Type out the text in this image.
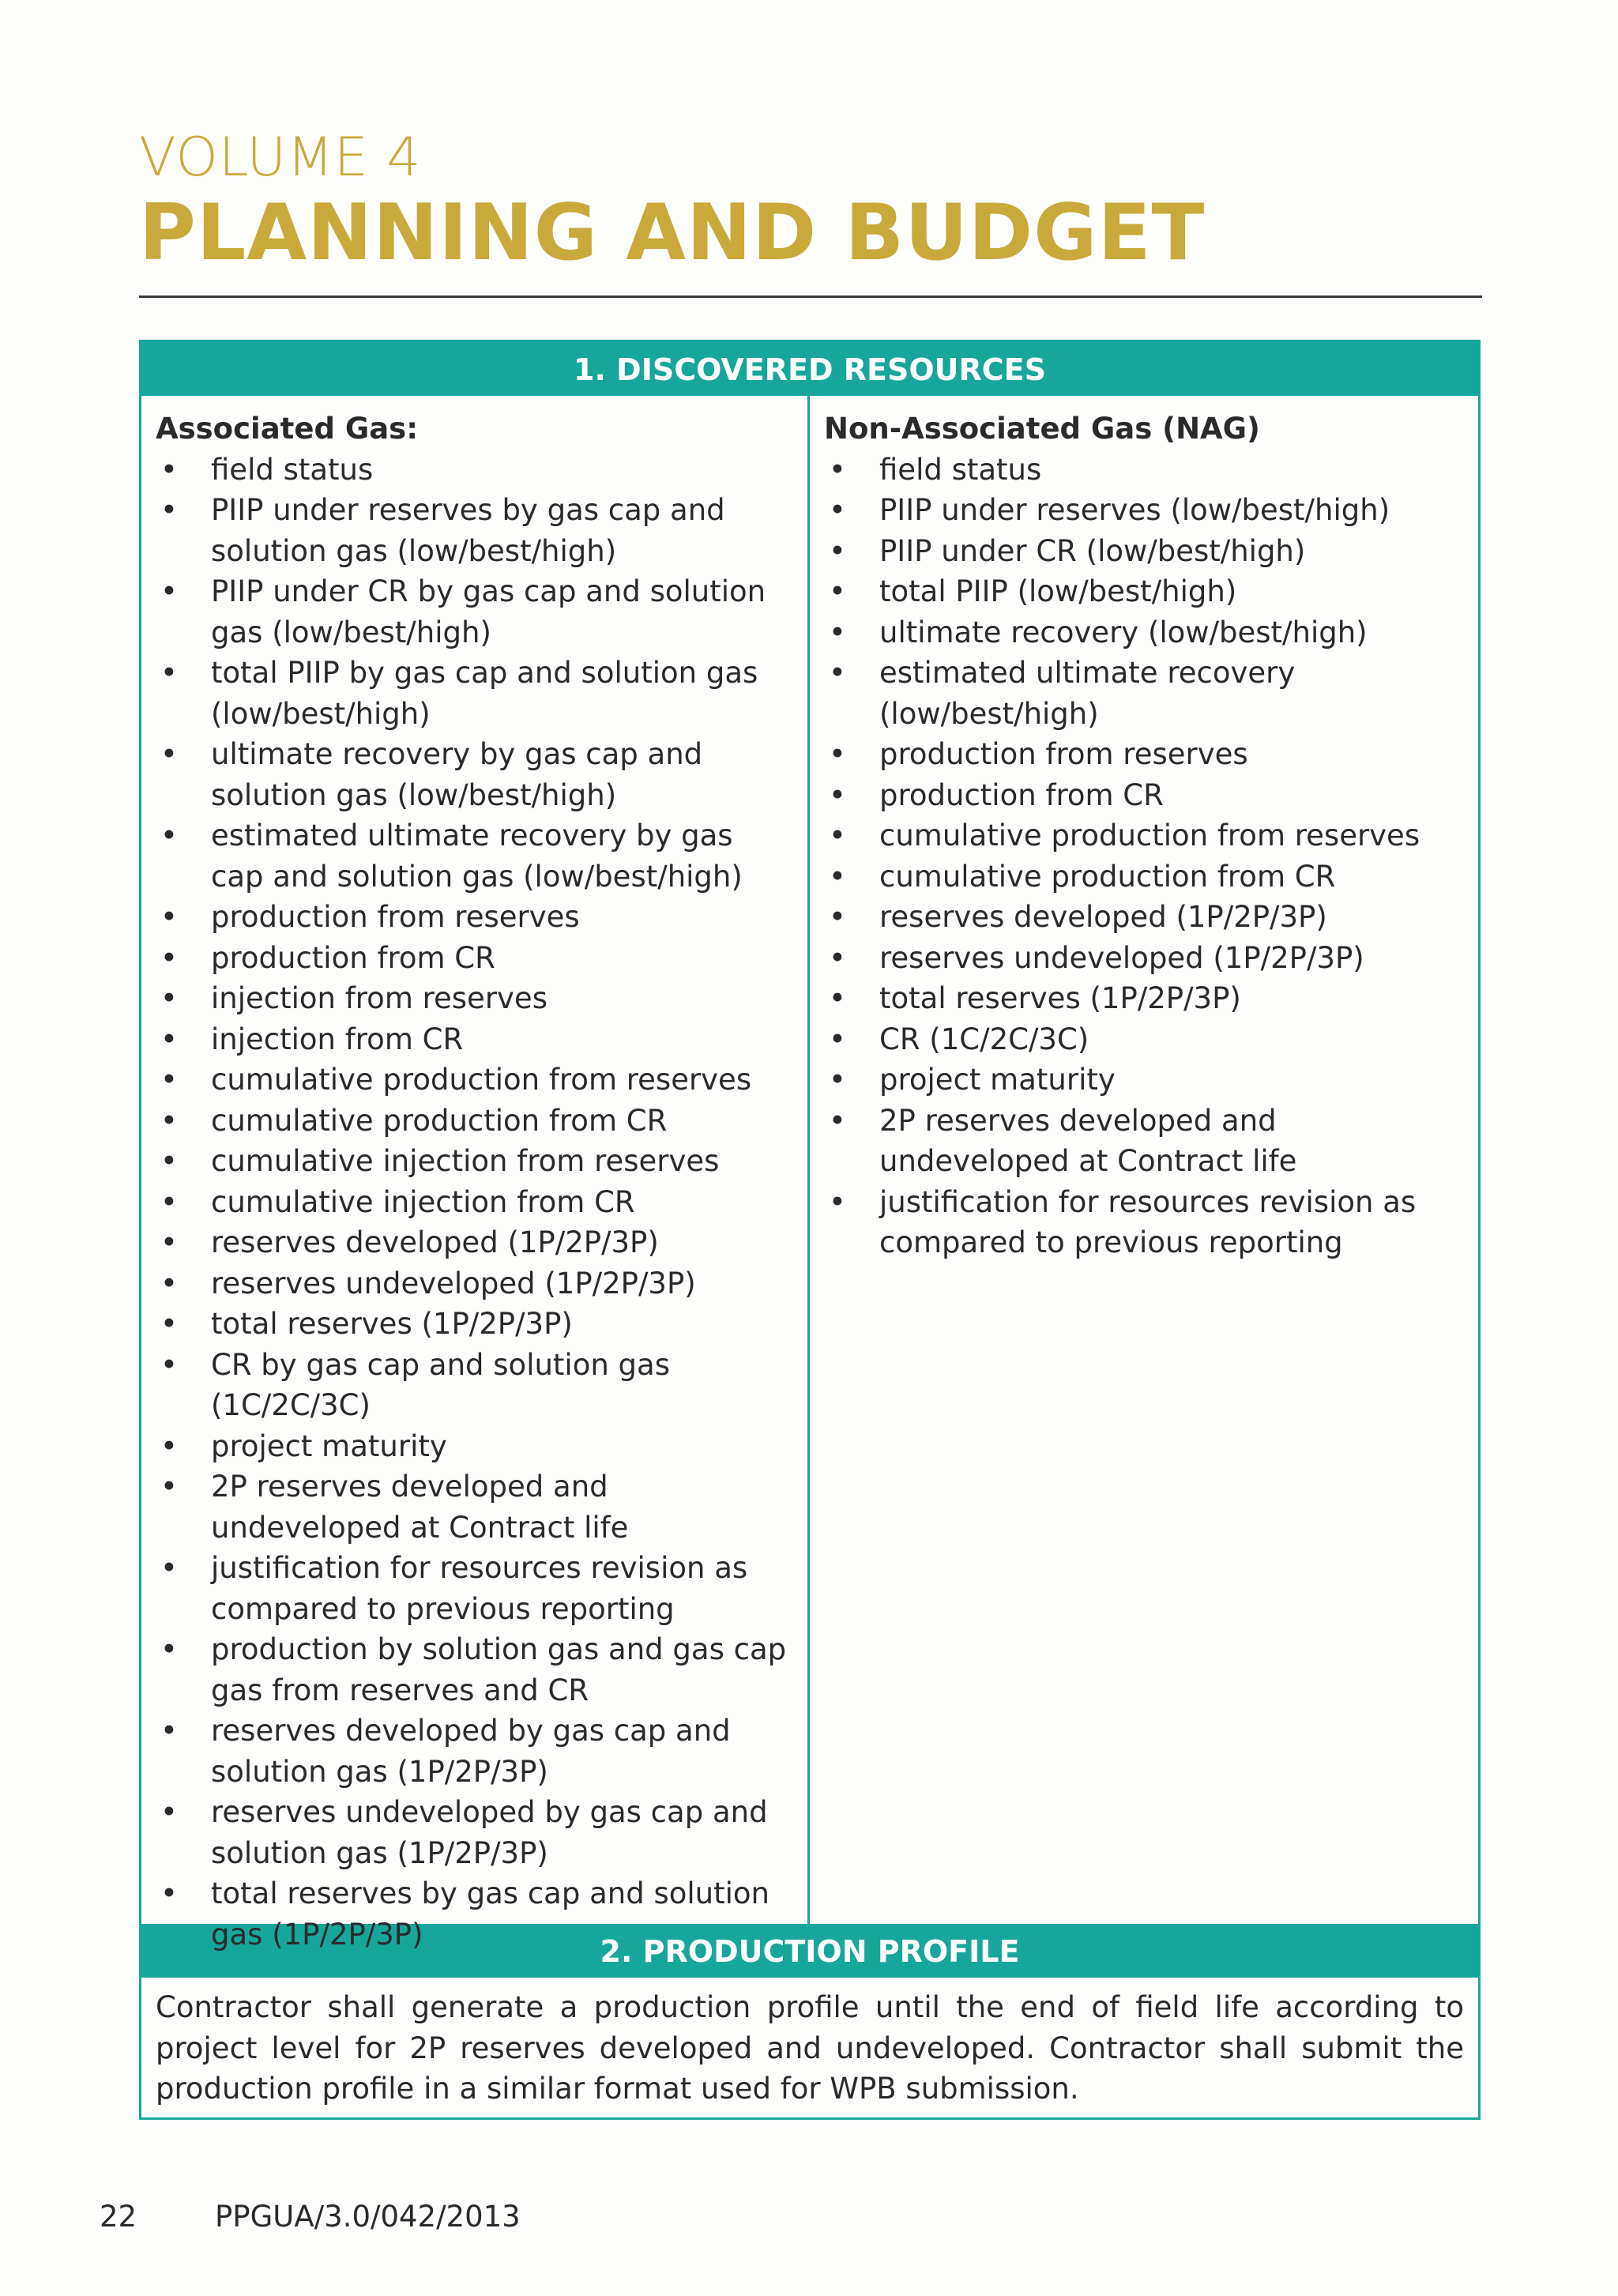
VOLUME 4
PLANNING AND BUDGET
1. DISCOVERED RESOURCES
Associated Gas:
• field status
• PIIP under reserves by gas cap and solution gas (low/best/high)
• PIIP under CR by gas cap and solution gas (low/best/high)
• total PIIP by gas cap and solution gas (low/best/high)
• ultimate recovery by gas cap and solution gas (low/best/high)
• estimated ultimate recovery by gas cap and solution gas (low/best/high)
• production from reserves
• production from CR
• injection from reserves
• injection from CR
• cumulative production from reserves
• cumulative production from CR
• cumulative injection from reserves
• cumulative injection from CR
• reserves developed (1P/2P/3P)
• reserves undeveloped (1P/2P/3P)
• total reserves (1P/2P/3P)
• CR by gas cap and solution gas (1C/2C/3C)
• project maturity
• 2P reserves developed and undeveloped at Contract life
• justification for resources revision as compared to previous reporting
• production by solution gas and gas cap gas from reserves and CR
• reserves developed by gas cap and solution gas (1P/2P/3P)
• reserves undeveloped by gas cap and solution gas (1P/2P/3P)
• total reserves by gas cap and solution gas (1P/2P/3P)
Non-Associated Gas (NAG)
• field status
• PIIP under reserves (low/best/high)
• PIIP under CR (low/best/high)
• total PIIP (low/best/high)
• ultimate recovery (low/best/high)
• estimated ultimate recovery (low/best/high)
• production from reserves
• production from CR
• cumulative production from reserves
• cumulative production from CR
• reserves developed (1P/2P/3P)
• reserves undeveloped (1P/2P/3P)
• total reserves (1P/2P/3P)
• CR (1C/2C/3C)
• project maturity
• 2P reserves developed and undeveloped at Contract life
• justification for resources revision as compared to previous reporting
2. PRODUCTION PROFILE
Contractor shall generate a production profile until the end of field life according to project level for 2P reserves developed and undeveloped. Contractor shall submit the production profile in a similar format used for WPB submission.
22	PPGUA/3.0/042/2013
